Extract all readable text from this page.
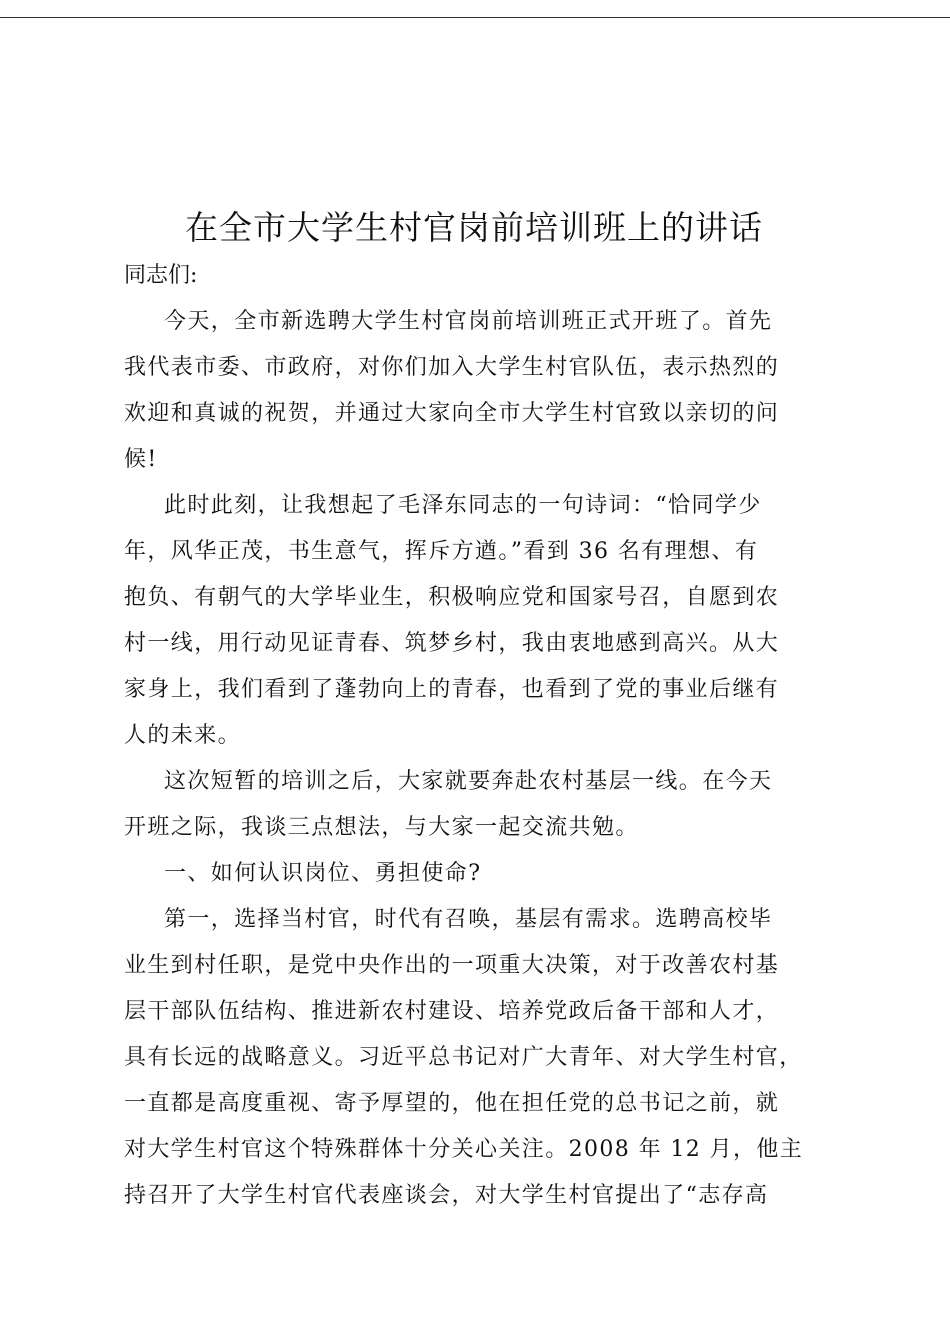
在全市大学生村官岗前培训班上的讲话

同志们:

今天，全市新选聘大学生村官岗前培训班正式开班了。首先
我代表市委、市政府，对你们加入大学生村官队伍，表示热烈的
欢迎和真诚的祝贺，并通过大家向全市大学生村官致以亲切的问
候!

此时此刻，让我想起了毛泽东同志的一句诗词：“恰同学少
年，风华正茂，书生意气，挥斥方遒。”看到 36 名有理想、有
抱负、有朝气的大学毕业生，积极响应党和国家号召，自愿到农
村一线，用行动见证青春、筑梦乡村，我由衷地感到高兴。从大
家身上，我们看到了蓬勃向上的青春，也看到了党的事业后继有
人的未来。

这次短暂的培训之后，大家就要奔赴农村基层一线。在今天
开班之际，我谈三点想法，与大家一起交流共勉。

一、如何认识岗位、勇担使命?

第一，选择当村官，时代有召唤，基层有需求。选聘高校毕
业生到村任职，是党中央作出的一项重大决策，对于改善农村基
层干部队伍结构、推进新农村建设、培养党政后备干部和人才，
具有长远的战略意义。习近平总书记对广大青年、对大学生村官，
一直都是高度重视、寄予厚望的，他在担任党的总书记之前，就
对大学生村官这个特殊群体十分关心关注。2008 年 12 月，他主
持召开了大学生村官代表座谈会，对大学生村官提出了“志存高
